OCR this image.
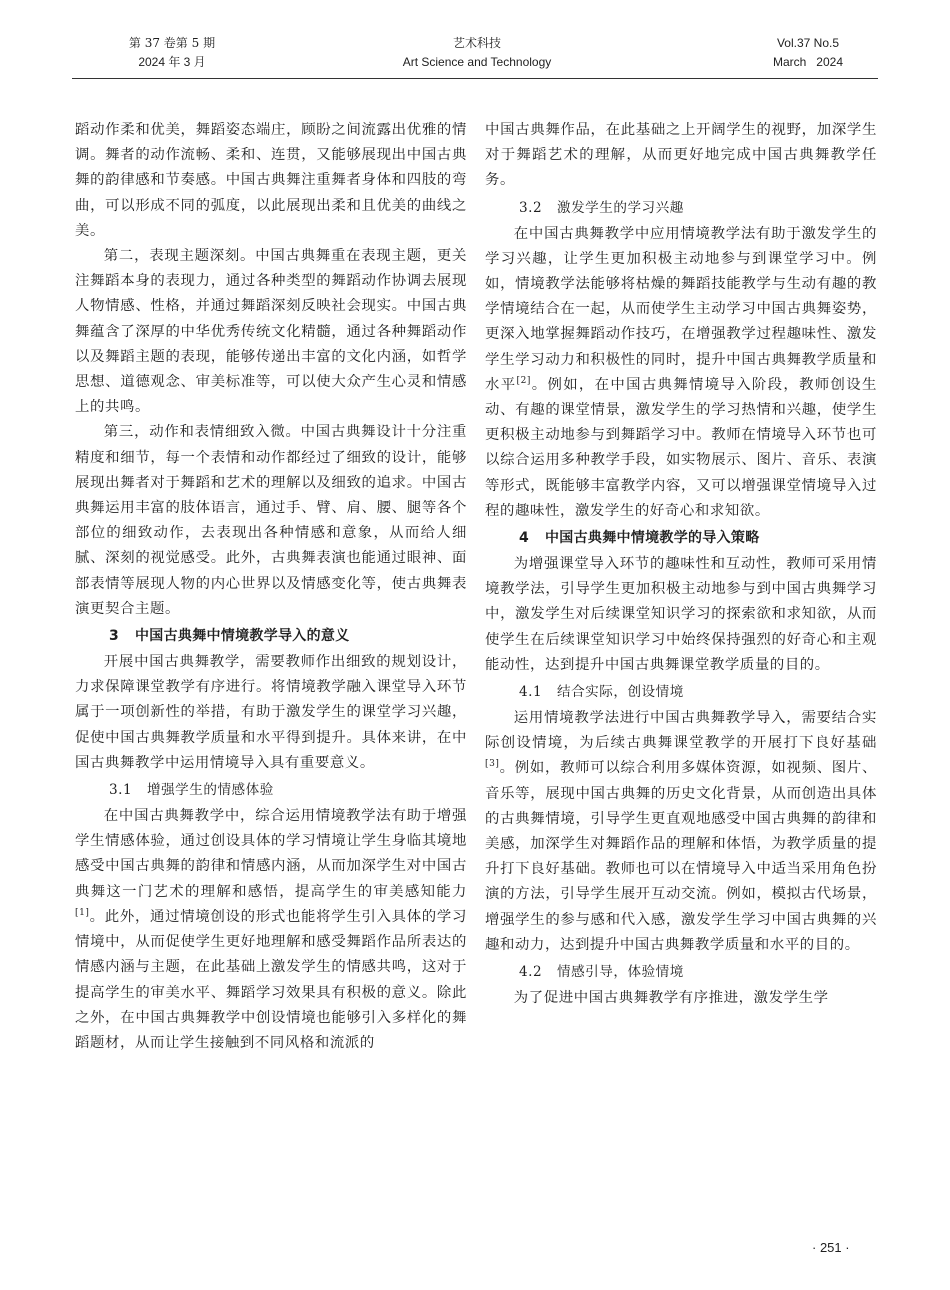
第 37 卷第 5 期
2024 年 3 月
艺术科技
Art Science and Technology
Vol.37 No.5
March   2024

蹈动作柔和优美，舞蹈姿态端庄，顾盼之间流露出优雅的情调。舞者的动作流畅、柔和、连贯，又能够展现出中国古典舞的韵律感和节奏感。中国古典舞注重舞者身体和四肢的弯曲，可以形成不同的弧度，以此展现出柔和且优美的曲线之美。

第二，表现主题深刻。中国古典舞重在表现主题，更关注舞蹈本身的表现力，通过各种类型的舞蹈动作协调去展现人物情感、性格，并通过舞蹈深刻反映社会现实。中国古典舞蕴含了深厚的中华优秀传统文化精髓，通过各种舞蹈动作以及舞蹈主题的表现，能够传递出丰富的文化内涵，如哲学思想、道德观念、审美标准等，可以使大众产生心灵和情感上的共鸣。

第三，动作和表情细致入微。中国古典舞设计十分注重精度和细节，每一个表情和动作都经过了细致的设计，能够展现出舞者对于舞蹈和艺术的理解以及细致的追求。中国古典舞运用丰富的肢体语言，通过手、臂、肩、腰、腿等各个部位的细致动作，去表现出各种情感和意象，从而给人细腻、深刻的视觉感受。此外，古典舞表演也能通过眼神、面部表情等展现人物的内心世界以及情感变化等，使古典舞表演更契合主题。

3 中国古典舞中情境教学导入的意义

开展中国古典舞教学，需要教师作出细致的规划设计，力求保障课堂教学有序进行。将情境教学融入课堂导入环节属于一项创新性的举措，有助于激发学生的课堂学习兴趣，促使中国古典舞教学质量和水平得到提升。具体来讲，在中国古典舞教学中运用情境导入具有重要意义。

3.1 增强学生的情感体验

在中国古典舞教学中，综合运用情境教学法有助于增强学生情感体验，通过创设具体的学习情境让学生身临其境地感受中国古典舞的韵律和情感内涵，从而加深学生对中国古典舞这一门艺术的理解和感悟，提高学生的审美感知能力[1]。此外，通过情境创设的形式也能将学生引入具体的学习情境中，从而促使学生更好地理解和感受舞蹈作品所表达的情感内涵与主题，在此基础上激发学生的情感共鸣，这对于提高学生的审美水平、舞蹈学习效果具有积极的意义。除此之外，在中国古典舞教学中创设情境也能够引入多样化的舞蹈题材，从而让学生接触到不同风格和流派的

中国古典舞作品，在此基础之上开阔学生的视野，加深学生对于舞蹈艺术的理解，从而更好地完成中国古典舞教学任务。

3.2 激发学生的学习兴趣

在中国古典舞教学中应用情境教学法有助于激发学生的学习兴趣，让学生更加积极主动地参与到课堂学习中。例如，情境教学法能够将枯燥的舞蹈技能教学与生动有趣的教学情境结合在一起，从而使学生主动学习中国古典舞姿势，更深入地掌握舞蹈动作技巧，在增强教学过程趣味性、激发学生学习动力和积极性的同时，提升中国古典舞教学质量和水平[2]。例如，在中国古典舞情境导入阶段，教师创设生动、有趣的课堂情景，激发学生的学习热情和兴趣，使学生更积极主动地参与到舞蹈学习中。教师在情境导入环节也可以综合运用多种教学手段，如实物展示、图片、音乐、表演等形式，既能够丰富教学内容，又可以增强课堂情境导入过程的趣味性，激发学生的好奇心和求知欲。

4 中国古典舞中情境教学的导入策略

为增强课堂导入环节的趣味性和互动性，教师可采用情境教学法，引导学生更加积极主动地参与到中国古典舞学习中，激发学生对后续课堂知识学习的探索欲和求知欲，从而使学生在后续课堂知识学习中始终保持强烈的好奇心和主观能动性，达到提升中国古典舞课堂教学质量的目的。

4.1 结合实际，创设情境

运用情境教学法进行中国古典舞教学导入，需要结合实际创设情境，为后续古典舞课堂教学的开展打下良好基础[3]。例如，教师可以综合利用多媒体资源，如视频、图片、音乐等，展现中国古典舞的历史文化背景，从而创造出具体的古典舞情境，引导学生更直观地感受中国古典舞的韵律和美感，加深学生对舞蹈作品的理解和体悟，为教学质量的提升打下良好基础。教师也可以在情境导入中适当采用角色扮演的方法，引导学生展开互动交流。例如，模拟古代场景，增强学生的参与感和代入感，激发学生学习中国古典舞的兴趣和动力，达到提升中国古典舞教学质量和水平的目的。

4.2 情感引导，体验情境

为了促进中国古典舞教学有序推进，激发学生学

· 251 ·
